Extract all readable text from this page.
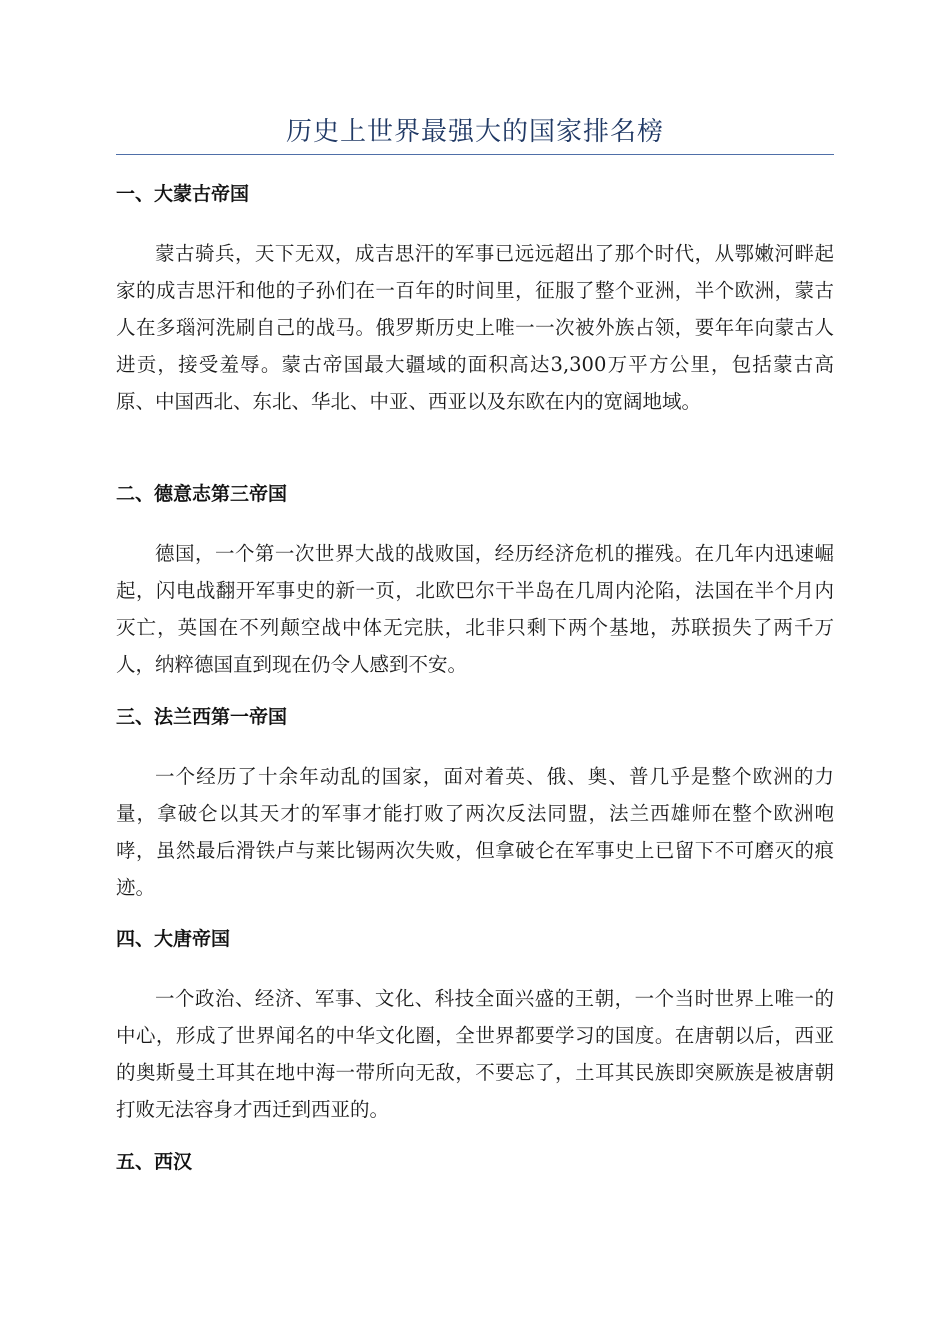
历史上世界最强大的国家排名榜
一、大蒙古帝国

蒙古骑兵，天下无双，成吉思汗的军事已远远超出了那个时代，从鄂嫩河畔起家的成吉思汗和他的子孙们在一百年的时间里，征服了整个亚洲，半个欧洲，蒙古人在多瑙河洗刷自己的战马。俄罗斯历史上唯一一次被外族占领，要年年向蒙古人进贡，接受羞辱。蒙古帝国最大疆域的面积高达3,300万平方公里，包括蒙古高原、中国西北、东北、华北、中亚、西亚以及东欧在内的宽阔地域。

二、德意志第三帝国

德国，一个第一次世界大战的战败国，经历经济危机的摧残。在几年内迅速崛起，闪电战翻开军事史的新一页，北欧巴尔干半岛在几周内沦陷，法国在半个月内灭亡，英国在不列颠空战中体无完肤，北非只剩下两个基地，苏联损失了两千万人，纳粹德国直到现在仍令人感到不安。

三、法兰西第一帝国

一个经历了十余年动乱的国家，面对着英、俄、奥、普几乎是整个欧洲的力量，拿破仑以其天才的军事才能打败了两次反法同盟，法兰西雄师在整个欧洲咆哮，虽然最后滑铁卢与莱比锡两次失败，但拿破仑在军事史上已留下不可磨灭的痕迹。

四、大唐帝国

一个政治、经济、军事、文化、科技全面兴盛的王朝，一个当时世界上唯一的中心，形成了世界闻名的中华文化圈，全世界都要学习的国度。在唐朝以后，西亚的奥斯曼土耳其在地中海一带所向无敌，不要忘了，土耳其民族即突厥族是被唐朝打败无法容身才西迁到西亚的。

五、西汉
